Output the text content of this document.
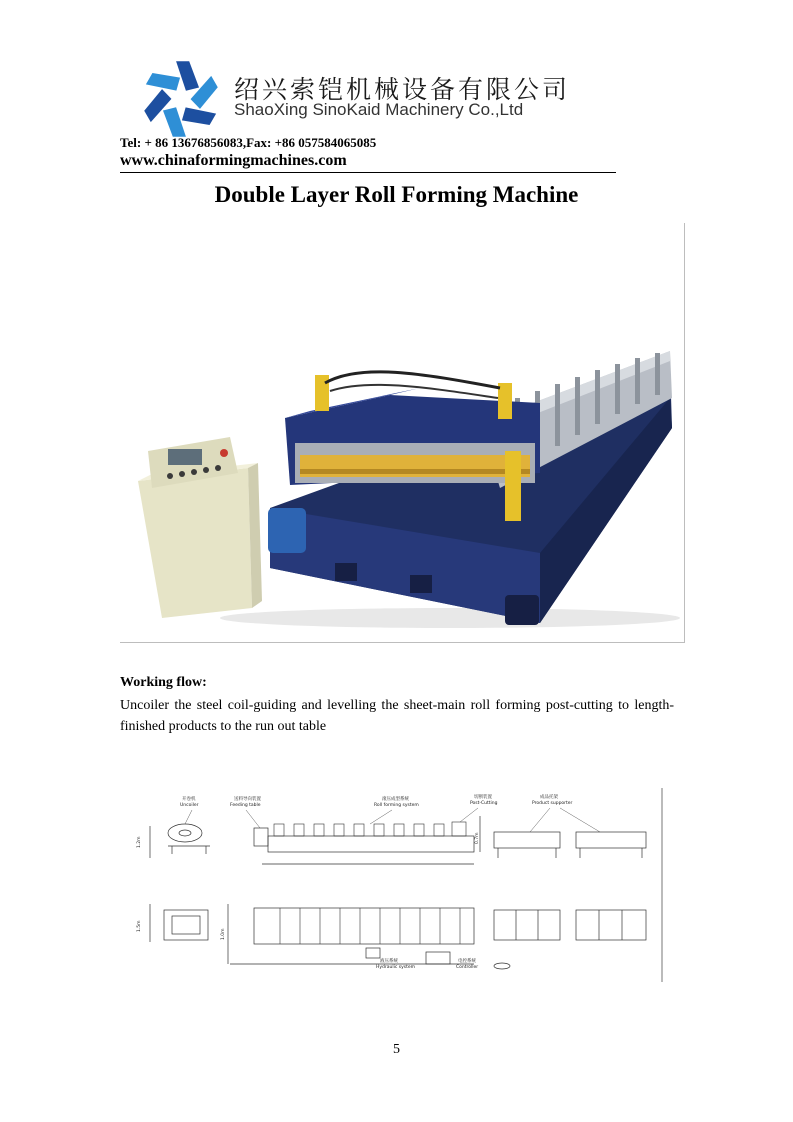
绍兴索铠机械设备有限公司
ShaoXing SinoKaid Machinery Co.,Ltd
Tel: + 86 13676856083,Fax: +86 057584065085
www.chinaformingmachines.com
Double Layer Roll Forming Machine
Working flow:
Uncoiler the steel coil-guiding and levelling the sheet-main roll forming post-cutting to length-finished products to the run out table
开卷机
Uncoiler
送料导向装置
Feeding table
滚压成型系统
Roll forming system
切断装置
Post-Cutting
成品托架
Product supporter
液压系统
Hydraulic system
电控系统
Controller
1.2m
1.5m
0.7m
1.0m
5
